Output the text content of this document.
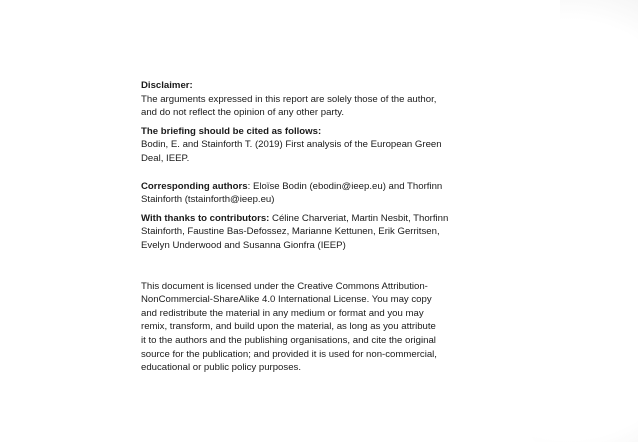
Disclaimer:

The arguments expressed in this report are solely those of the author,

and do not reflect the opinion of any other party.

The briefing should be cited as follows:

Bodin, E. and Stainforth T. (2019) First analysis of the European Green

Deal, IEEP.

Corresponding authors: Eloïse Bodin (ebodin@ieep.eu) and Thorfinn

Stainforth (tstainforth@ieep.eu)

With thanks to contributors: Céline Charveriat, Martin Nesbit, Thorfinn

Stainforth, Faustine Bas-Defossez, Marianne Kettunen, Erik Gerritsen,

Evelyn Underwood and Susanna Gionfra (IEEP)

This document is licensed under the Creative Commons Attribution-

NonCommercial-ShareAlike 4.0 International License. You may copy

and redistribute the material in any medium or format and you may

remix, transform, and build upon the material, as long as you attribute

it to the authors and the publishing organisations, and cite the original

source for the publication; and provided it is used for non-commercial,

educational or public policy purposes.
